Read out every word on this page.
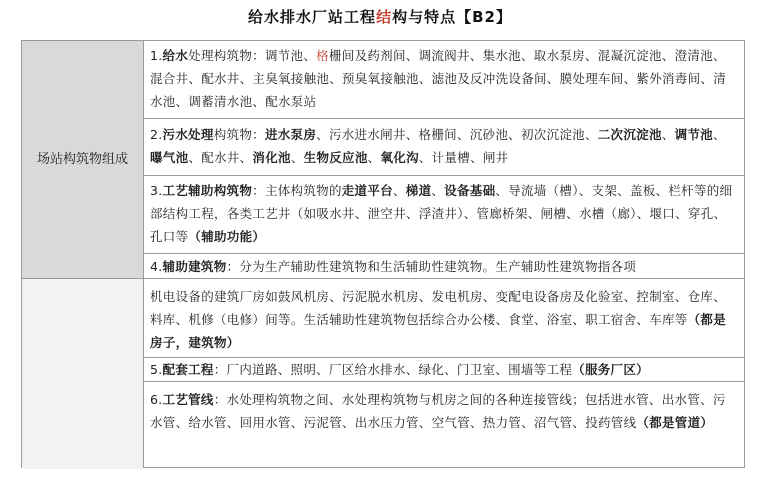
给水排水厂站工程结构与特点【B2】
场站构筑物组成
1.给水处理构筑物：调节池、格栅间及药剂间、调流阀井、集水池、取水泵房、混凝沉淀池、澄清池、混合井、配水井、主臭氧接触池、预臭氧接触池、滤池及反冲洗设备间、膜处理车间、紫外消毒间、清水池、调蓄清水池、配水泵站
2.污水处理构筑物：进水泵房、污水进水闸井、格栅间、沉砂池、初次沉淀池、二次沉淀池、调节池、曝气池、配水井、消化池、生物反应池、氧化沟、计量槽、闸井
3.工艺辅助构筑物：主体构筑物的走道平台、梯道、设备基础、导流墙（槽）、支架、盖板、栏杆等的细部结构工程，各类工艺井（如吸水井、泄空井、浮渣井）、管廊桥架、闸槽、水槽（廊）、堰口、穿孔、孔口等（辅助功能）
4.辅助建筑物：分为生产辅助性建筑物和生活辅助性建筑物。生产辅助性建筑物指各项
机电设备的建筑厂房如鼓风机房、污泥脱水机房、发电机房、变配电设备房及化验室、控制室、仓库、料库、机修（电修）间等。生活辅助性建筑物包括综合办公楼、食堂、浴室、职工宿舍、车库等（都是房子，建筑物）
5.配套工程：厂内道路、照明、厂区给水排水、绿化、门卫室、围墙等工程（服务厂区）
6.工艺管线：水处理构筑物之间、水处理构筑物与机房之间的各种连接管线；包括进水管、出水管、污水管、给水管、回用水管、污泥管、出水压力管、空气管、热力管、沼气管、投药管线（都是管道）
